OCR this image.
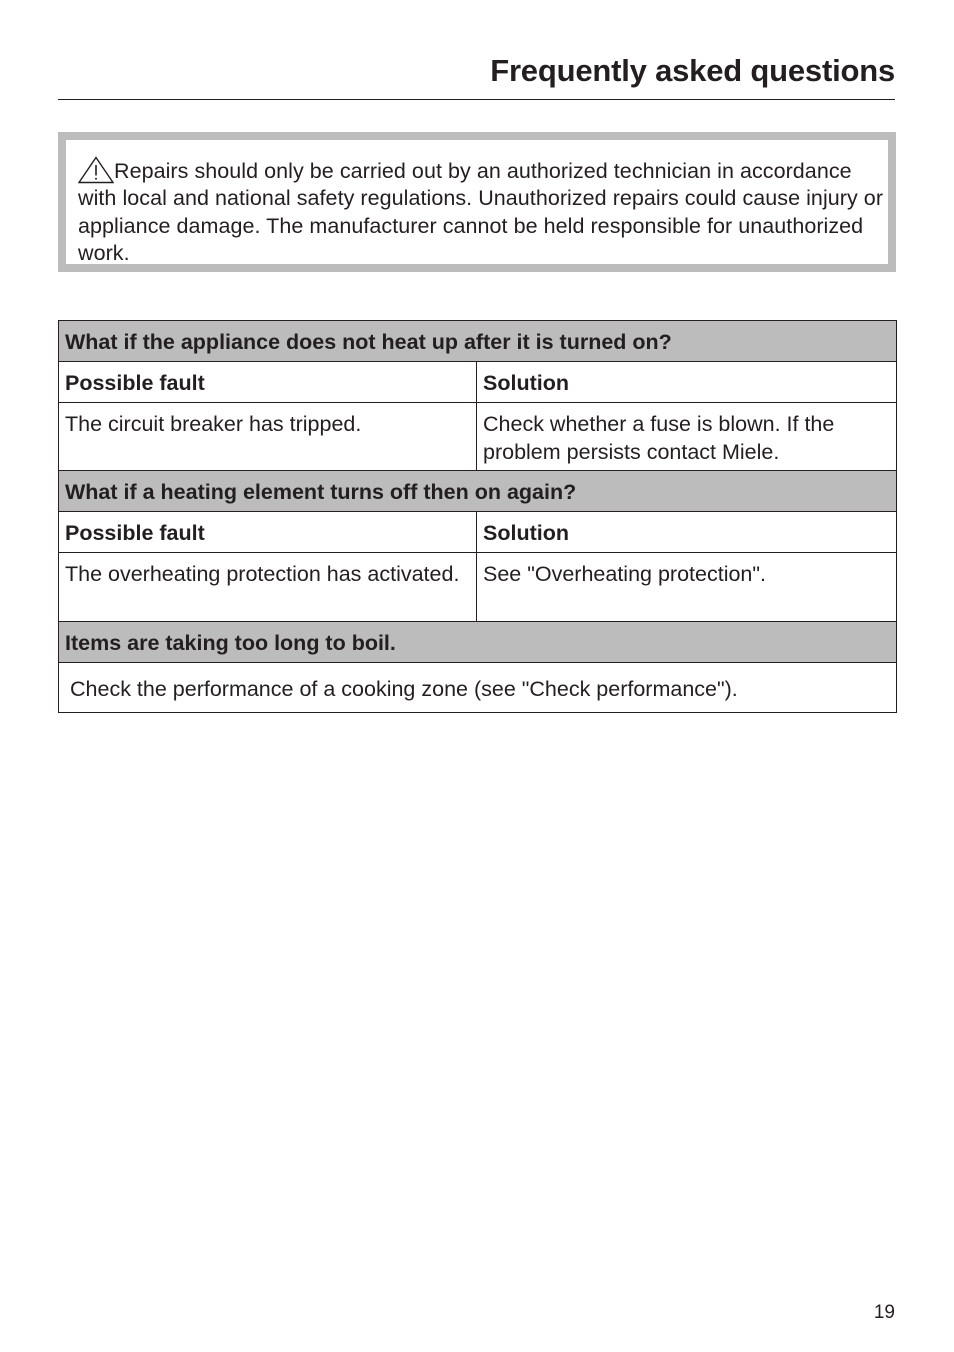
Frequently asked questions

Repairs should only be carried out by an authorized technician in accordance with local and national safety regulations. Unauthorized repairs could cause injury or appliance damage. The manufacturer cannot be held responsible for unauthorized work.

What if the appliance does not heat up after it is turned on?	
Possible fault	Solution
The circuit breaker has tripped.	Check whether a fuse is blown. If the problem persists contact Miele.
What if a heating element turns off then on again?	
Possible fault	Solution
The overheating protection has activated.	See "Overheating protection".
Items are taking too long to boil.	
Check the performance of a cooking zone (see "Check performance").	
19
